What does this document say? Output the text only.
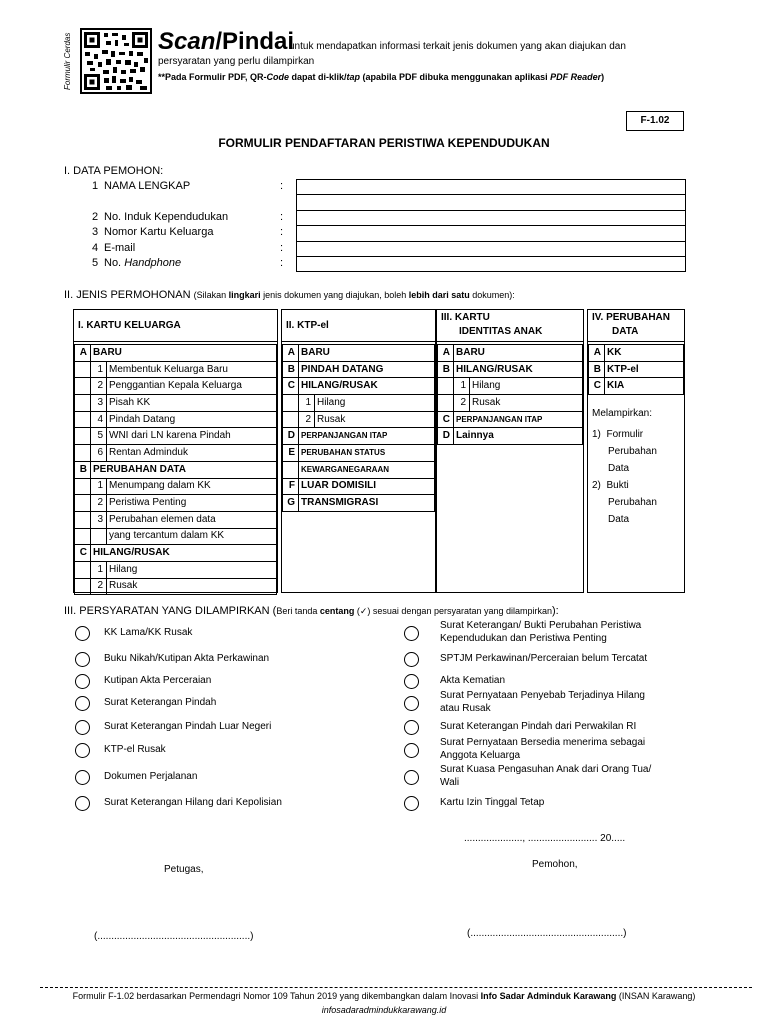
Formulir Cerdas	Scan/Pindai
untuk mendapatkan informasi terkait jenis dokumen yang akan diajukan dan
persyaratan yang perlu dilampirkan
**Pada Formulir PDF, QR-Code dapat di-klik/tap (apabila PDF dibuka menggunakan aplikasi PDF Reader)
F-1.02
FORMULIR PENDAFTARAN PERISTIWA KEPENDUDUKAN
I. DATA PEMOHON:
1 NAMA LENGKAP	:
2 No. Induk Kependudukan	:
3 Nomor Kartu Keluarga	:
4 E-mail	:
5 No. Handphone	:
II. JENIS PERMOHONAN (Silakan lingkari jenis dokumen yang diajukan, boleh lebih dari satu dokumen):
I. KARTU KELUARGA
A	BARU	
	1	Membentuk Keluarga Baru
	2	Penggantian Kepala Keluarga
	3	Pisah KK
	4	Pindah Datang
	5	WNI dari LN karena Pindah
	6	Rentan Adminduk
B	PERUBAHAN DATA	
	1	Menumpang dalam KK
	2	Peristiwa Penting
	3	Perubahan elemen data
		yang tercantum dalam KK
C	HILANG/RUSAK	
	1	Hilang
	2	Rusak
II. KTP-el
A	BARU	
B	PINDAH DATANG	
C	HILANG/RUSAK	
	1	Hilang
	2	Rusak
D	PERPANJANGAN ITAP	
E	PERUBAHAN STATUS	
	KEWARGANEGARAAN	
F	LUAR DOMISILI	
G	TRANSMIGRASI	
III. KARTU
IDENTITAS ANAK
A	BARU	
B	HILANG/RUSAK	
	1	Hilang
	2	Rusak
C	PERPANJANGAN ITAP	
D	Lainnya	
IV. PERUBAHAN
DATA
A	KK
B	KTP-el
C	KIA
Melampirkan:
1) Formulir
Perubahan
Data
2) Bukti
Perubahan
Data
III. PERSYARATAN YANG DILAMPIRKAN (Beri tanda centang (✓) sesuai dengan persyaratan yang dilampirkan):
KK Lama/KK Rusak
Buku Nikah/Kutipan Akta Perkawinan
Kutipan Akta Perceraian
Surat Keterangan Pindah
Surat Keterangan Pindah Luar Negeri
KTP-el Rusak
Dokumen Perjalanan
Surat Keterangan Hilang dari Kepolisian
Surat Keterangan/ Bukti Perubahan Peristiwa
Kependudukan dan Peristiwa Penting
SPTJM Perkawinan/Perceraian belum Tercatat
Akta Kematian
Surat Pernyataan Penyebab Terjadinya Hilang
atau Rusak
Surat Keterangan Pindah dari Perwakilan RI
Surat Pernyataan Bersedia menerima sebagai
Anggota Keluarga
Surat Kuasa Pengasuhan Anak dari Orang Tua/
Wali
Kartu Izin Tinggal Tetap
....................., ......................... 20.....
Petugas,	Pemohon,
(.......................................................)	(.......................................................)
Formulir F-1.02 berdasarkan Permendagri Nomor 109 Tahun 2019 yang dikembangkan dalam Inovasi Info Sadar Adminduk Karawang (INSAN Karawang)
infosadaradmindukkarawang.id
